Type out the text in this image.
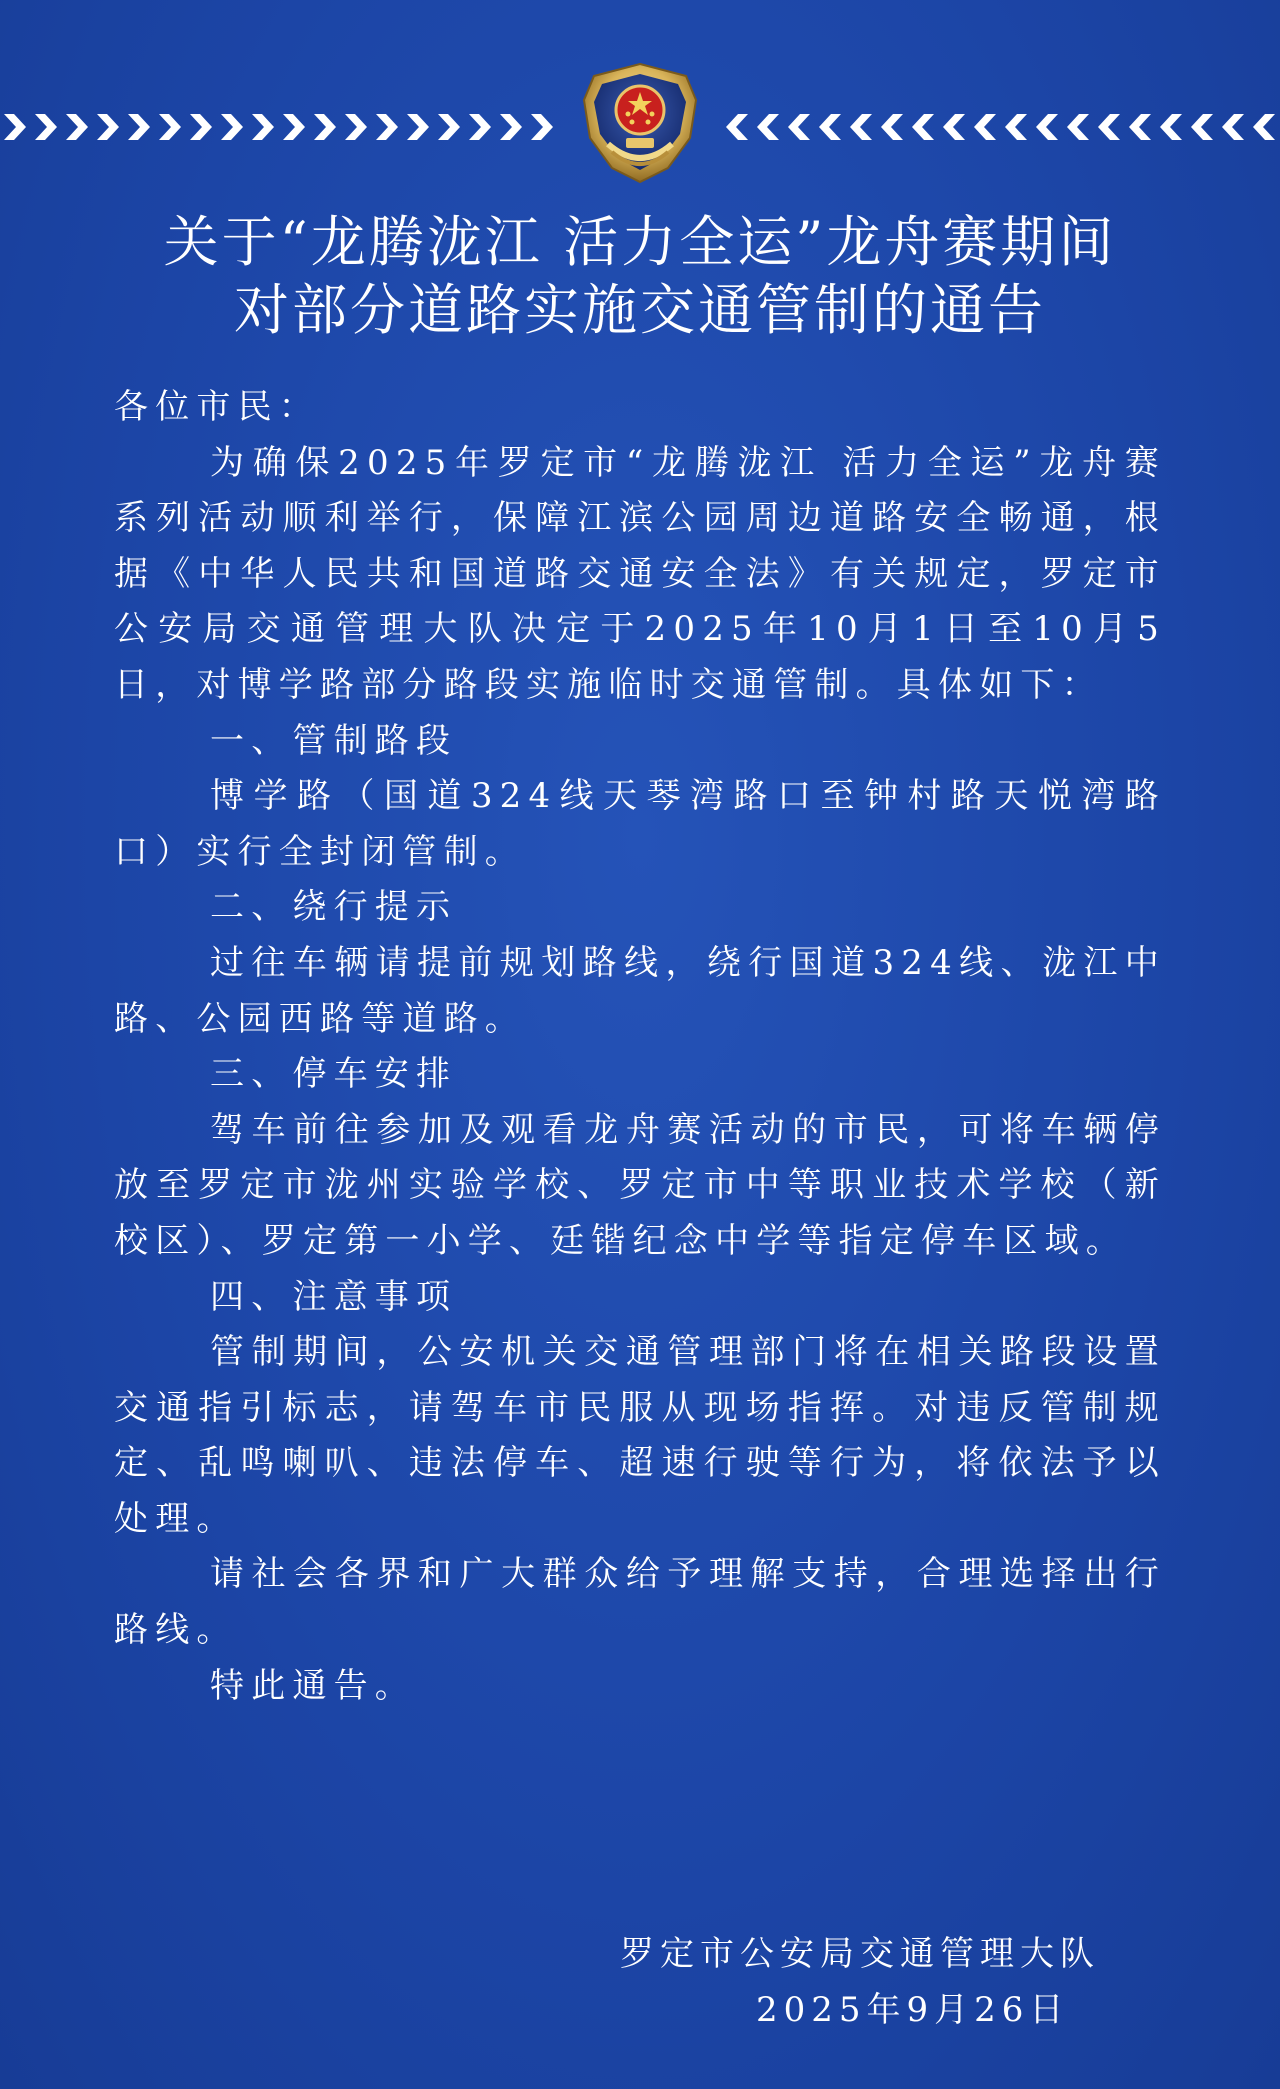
关于“龙腾泷江 活力全运”龙舟赛期间
对部分道路实施交通管制的通告

各位市民：

为确保2025年罗定市“龙腾泷江 活力全运”龙舟赛系列活动顺利举行，保障江滨公园周边道路安全畅通，根据《中华人民共和国道路交通安全法》有关规定，罗定市公安局交通管理大队决定于2025年10月1日至10月5日，对博学路部分路段实施临时交通管制。具体如下：

一、管制路段

博学路（国道324线天琴湾路口至钟村路天悦湾路口）实行全封闭管制。

二、绕行提示

过往车辆请提前规划路线，绕行国道324线、泷江中路、公园西路等道路。

三、停车安排

驾车前往参加及观看龙舟赛活动的市民，可将车辆停放至罗定市泷州实验学校、罗定市中等职业技术学校（新校区）、罗定第一小学、廷锴纪念中学等指定停车区域。

四、注意事项

管制期间，公安机关交通管理部门将在相关路段设置交通指引标志，请驾车市民服从现场指挥。对违反管制规定、乱鸣喇叭、违法停车、超速行驶等行为，将依法予以处理。

请社会各界和广大群众给予理解支持，合理选择出行路线。

特此通告。

罗定市公安局交通管理大队
2025年9月26日
